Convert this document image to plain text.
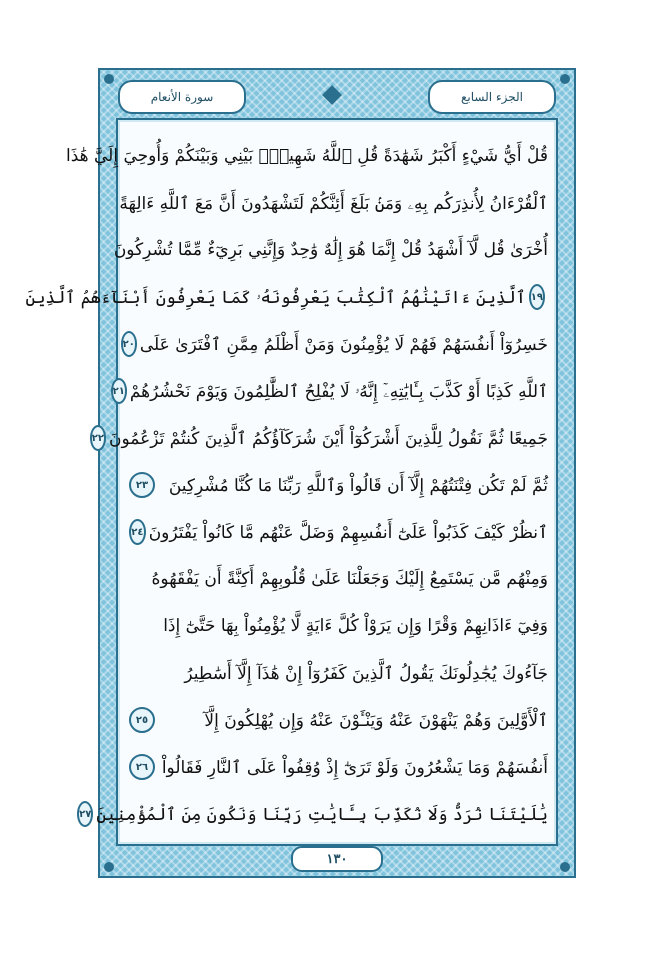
الجزء السابع
سورة الأنعام
قُلْ أَيُّ شَيْءٍ أَكْبَرُ شَهَٰدَةً قُلِ ٱللَّهُ شَهِيدُۢ بَيْنِي وَبَيْنَكُمْ وَأُوحِيَ إِلَيَّ هَٰذَا
ٱلْقُرْءَانُ لِأُنذِرَكُم بِهِۦ وَمَنۢ بَلَغَ أَئِنَّكُمْ لَتَشْهَدُونَ أَنَّ مَعَ ٱللَّهِ ءَالِهَةً
أُخْرَىٰ قُل لَّآ أَشْهَدُ قُلْ إِنَّمَا هُوَ إِلَٰهٌ وَٰحِدٌ وَإِنَّنِي بَرِيٓءٌ مِّمَّا تُشْرِكُونَ
١٩
ٱلَّذِينَ ءَاتَيْنَٰهُمُ ٱلْكِتَٰبَ يَعْرِفُونَهُۥ كَمَا يَعْرِفُونَ أَبْنَآءَهُمُ ٱلَّذِينَ
خَسِرُوٓاْ أَنفُسَهُمْ فَهُمْ لَا يُؤْمِنُونَ وَمَنْ أَظْلَمُ مِمَّنِ ٱفْتَرَىٰ عَلَى
٢٠
ٱللَّهِ كَذِبًا أَوْ كَذَّبَ بِـَٔايَٰتِهِۦٓ إِنَّهُۥ لَا يُفْلِحُ ٱلظَّٰلِمُونَ وَيَوْمَ نَحْشُرُهُمْ
٢١
جَمِيعًا ثُمَّ نَقُولُ لِلَّذِينَ أَشْرَكُوٓاْ أَيْنَ شُرَكَآؤُكُمُ ٱلَّذِينَ كُنتُمْ تَزْعُمُونَ
٢٢
ثُمَّ لَمْ تَكُن فِتْنَتُهُمْ إِلَّآ أَن قَالُواْ وَٱللَّهِ رَبِّنَا مَا كُنَّا مُشْرِكِينَ
٢٣
ٱنظُرْ كَيْفَ كَذَبُواْ عَلَىٰٓ أَنفُسِهِمْ وَضَلَّ عَنْهُم مَّا كَانُواْ يَفْتَرُونَ
٢٤
وَمِنْهُم مَّن يَسْتَمِعُ إِلَيْكَ وَجَعَلْنَا عَلَىٰ قُلُوبِهِمْ أَكِنَّةً أَن يَفْقَهُوهُ
وَفِيٓ ءَاذَانِهِمْ وَقْرًا وَإِن يَرَوْاْ كُلَّ ءَايَةٍ لَّا يُؤْمِنُواْ بِهَا حَتَّىٰٓ إِذَا
جَآءُوكَ يُجَٰدِلُونَكَ يَقُولُ ٱلَّذِينَ كَفَرُوٓاْ إِنْ هَٰذَآ إِلَّآ أَسَٰطِيرُ
ٱلْأَوَّلِينَ وَهُمْ يَنْهَوْنَ عَنْهُ وَيَنْـَٔوْنَ عَنْهُ وَإِن يُهْلِكُونَ إِلَّآ
٢٥
أَنفُسَهُمْ وَمَا يَشْعُرُونَ وَلَوْ تَرَىٰٓ إِذْ وُقِفُواْ عَلَى ٱلنَّارِ فَقَالُواْ
٢٦
يَٰلَيْتَنَا نُرَدُّ وَلَا نُكَذِّبَ بِـَٔايَٰتِ رَبِّنَا وَنَكُونَ مِنَ ٱلْمُؤْمِنِينَ
٢٧
١٣٠
